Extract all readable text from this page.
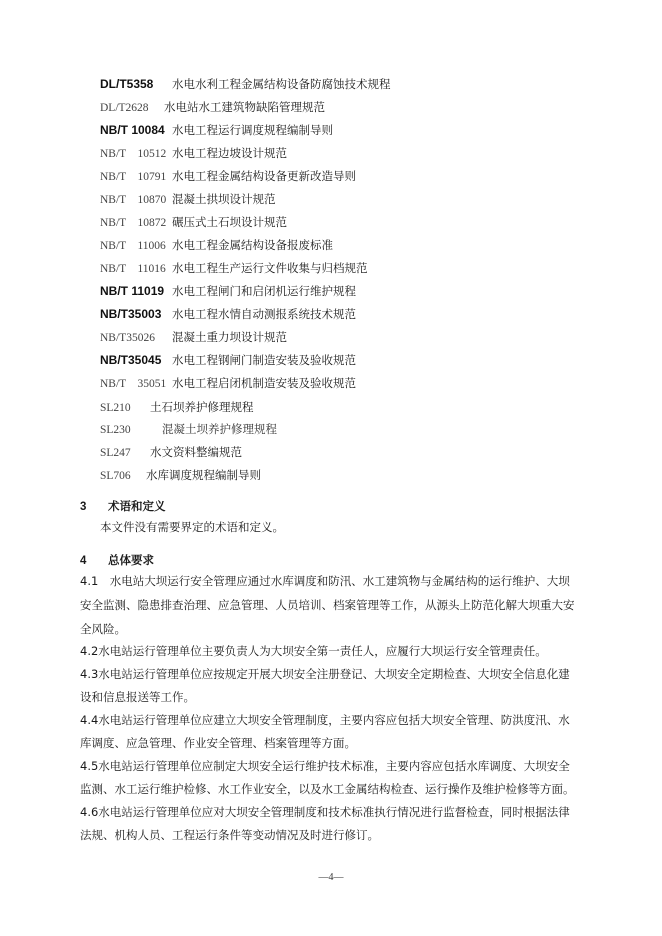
DL/T5358 水电水利工程金属结构设备防腐蚀技术规程
DL/T2628 水电站水工建筑物缺陷管理规范
NB/T 10084 水电工程运行调度规程编制导则
NB/T　10512 水电工程边坡设计规范
NB/T　10791 水电工程金属结构设备更新改造导则
NB/T　10870 混凝土拱坝设计规范
NB/T　10872 碾压式土石坝设计规范
NB/T　11006 水电工程金属结构设备报废标准
NB/T　11016 水电工程生产运行文件收集与归档规范
NB/T 11019 水电工程闸门和启闭机运行维护规程
NB/T35003 水电工程水情自动测报系统技术规范
NB/T35026 混凝土重力坝设计规范
NB/T35045 水电工程钢闸门制造安装及验收规范
NB/T　35051 水电工程启闭机制造安装及验收规范
SL210 土石坝养护修理规程
SL230	混凝土坝养护修理规程
SL247 水文资料整编规范
SL706 水库调度规程编制导则
3 术语和定义
本文件没有需要界定的术语和定义。
4 总体要求
4.1　水电站大坝运行安全管理应通过水库调度和防汛、水工建筑物与金属结构的运行维护、大坝
安全监测、隐患排查治理、应急管理、人员培训、档案管理等工作，从源头上防范化解大坝重大安
全风险。
4.2水电站运行管理单位主要负责人为大坝安全第一责任人，应履行大坝运行安全管理责任。
4.3水电站运行管理单位应按规定开展大坝安全注册登记、大坝安全定期检查、大坝安全信息化建
设和信息报送等工作。
4.4水电站运行管理单位应建立大坝安全管理制度，主要内容应包括大坝安全管理、防洪度汛、水
库调度、应急管理、作业安全管理、档案管理等方面。
4.5水电站运行管理单位应制定大坝安全运行维护技术标准，主要内容应包括水库调度、大坝安全
监测、水工运行维护检修、水工作业安全，以及水工金属结构检查、运行操作及维护检修等方面。
4.6水电站运行管理单位应对大坝安全管理制度和技术标准执行情况进行监督检查，同时根据法律
法规、机构人员、工程运行条件等变动情况及时进行修订。
—4—
